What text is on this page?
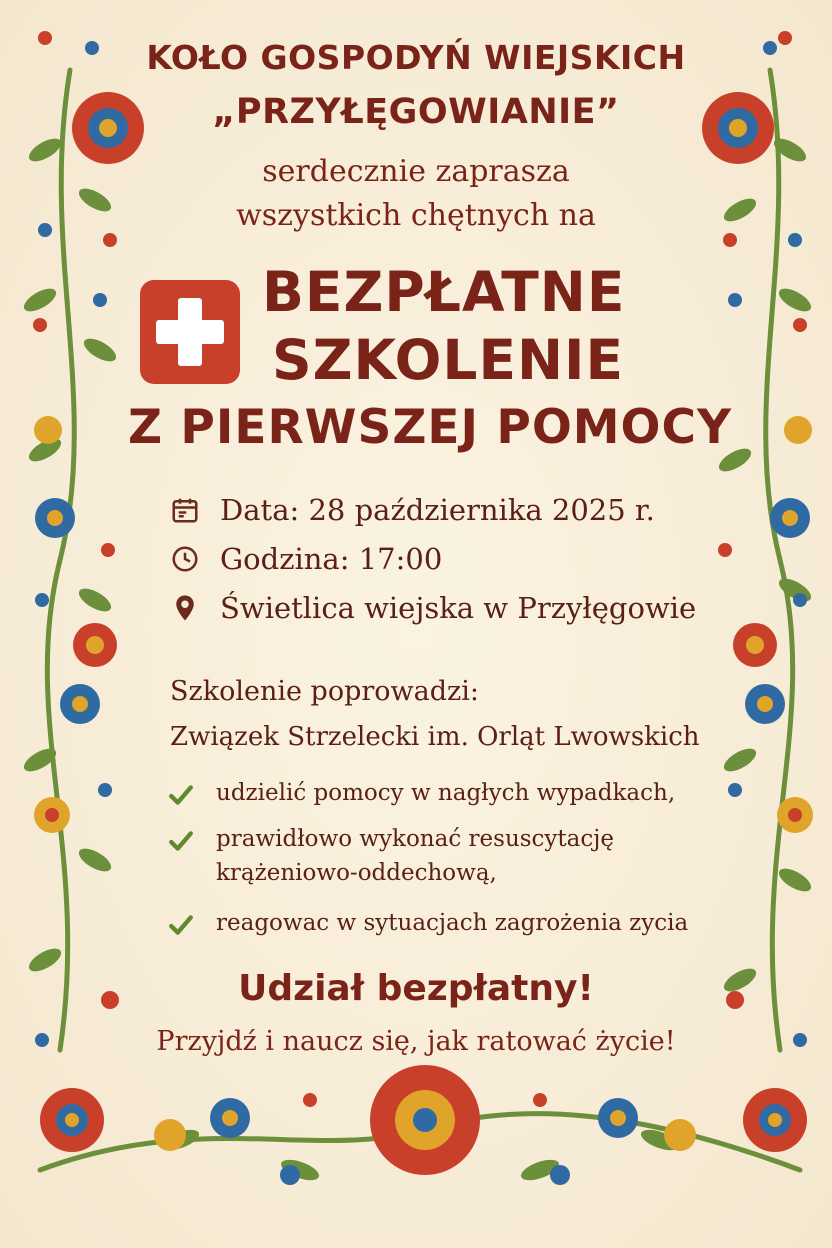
KOŁO GOSPODYŃ WIEJSKICH
„PRZYŁĘGOWIANIE”
serdecznie zaprasza
wszystkich chętnych na
BEZPŁATNE
SZKOLENIE
Z PIERWSZEJ POMOCY
Data: 28 października 2025 r.
Godzina: 17:00
Świetlica wiejska w Przyłęgowie
Szkolenie poprowadzi:
Związek Strzelecki im. Orląt Lwowskich
udzielić pomocy w nagłych wypadkach,
prawidłowo wykonać resuscytację
krążeniowo-oddechową,
reagowac w sytuacjach zagrożenia zycia
Udział bezpłatny!
Przyjdź i naucz się, jak ratować życie!
